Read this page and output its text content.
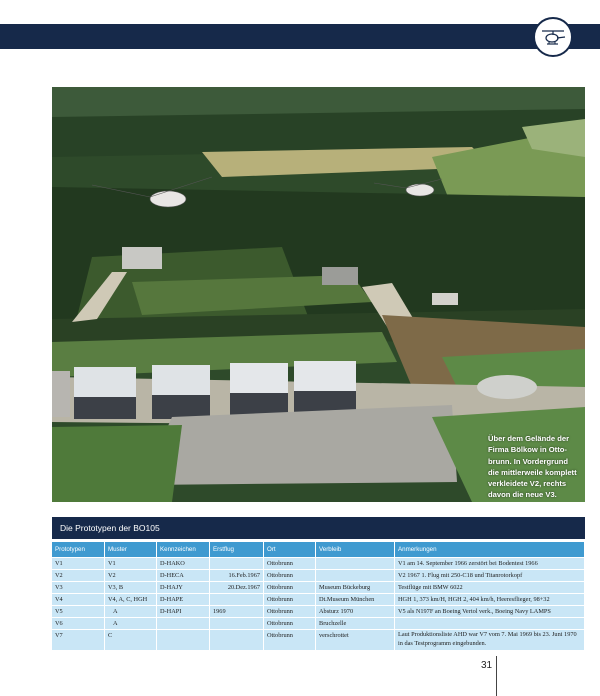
Über dem Gelände der Firma Bölkow in Otto-brunn. In Vordergrund die mittlerweile komplett verkleidete V2, rechts davon die neue V3.
Die Prototypen der BO105
Prototypen	Muster	Kennzeichen	Erstflug	Ort	Verbleib	Anmerkungen
V1	V1	D-HAKO		Ottobrunn		V1 am 14. September 1966 zerstört bei Bodentest 1966
V2	V2	D-HECA	16.Feb.1967	Ottobrunn		V2 1967 1. Flug mit 250-C18 und Titanrotorkopf
V3	V3, B	D-HAJY	20.Dez.1967	Ottobrunn	Museum Bückeburg	Testflüge mit BMW 6022
V4	V4, A, C, HGH	D-HAPE		Ottobrunn	Dt.Museum München	HGH 1, 373 km/H, HGH 2, 404 km/h, Heeresflieger, 98+32
V5	A	D-HAPI	1969	Ottobrunn	Absturz 1970	V5 als N197F an Boeing Vertol verk., Boeing Navy LAMPS
V6	A			Ottobrunn	Bruchzelle	
V7	C			Ottobrunn	verschrottet	Laut Produktionsliste AHD war V7 vom 7. Mai 1969 bis 23. Juni 1970 in das Testprogramm eingebunden.
31
